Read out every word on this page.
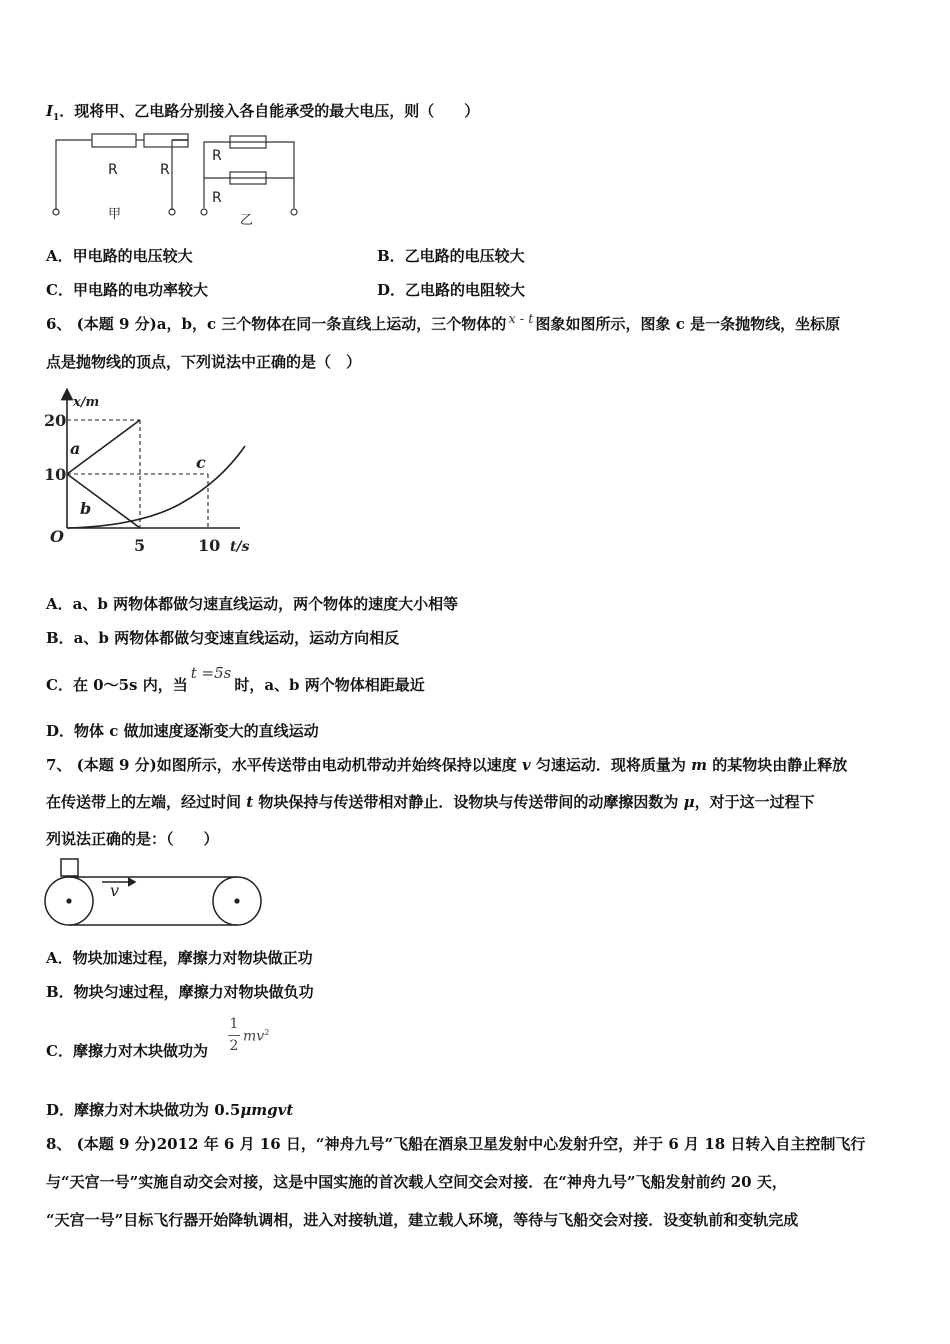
$I_1$．现将甲、乙电路分别接入各自能承受的最大电压，则（　　）
R	R
R
R
甲	乙
A．甲电路的电压较大	B．乙电路的电压较大
C．甲电路的电功率较大	D．乙电路的电阻较大
6、 (本题 9 分)a，b，c 三个物体在同一条直线上运动，三个物体的 x - t 图象如图所示，图象 c 是一条抛物线，坐标原
点是抛物线的顶点，下列说法中正确的是（　）
x/m
20
10
O	5	10 t/s
a
b
c
A．a、b 两物体都做匀速直线运动，两个物体的速度大小相等
B．a、b 两物体都做匀变速直线运动，运动方向相反
C．在 0～5s 内，当t =5s时，a、b 两个物体相距最近
D．物体 c 做加速度逐渐变大的直线运动
7、 (本题 9 分)如图所示，水平传送带由电动机带动并始终保持以速度 v 匀速运动．现将质量为 m 的某物块由静止释放
在传送带上的左端，经过时间 t 物块保持与传送带相对静止．设物块与传送带间的动摩擦因数为 μ，对于这一过程下
列说法正确的是：（　　）
v
A．物块加速过程，摩擦力对物块做正功
B．物块匀速过程，摩擦力对物块做负功
C．摩擦力对木块做功为
1
2
$mv^2$
D．摩擦力对木块做功为 0.5μmgvt
8、 (本题 9 分)2012 年 6 月 16 日，“神舟九号”飞船在酒泉卫星发射中心发射升空，并于 6 月 18 日转入自主控制飞行
与“天宫一号”实施自动交会对接，这是中国实施的首次载人空间交会对接．在“神舟九号”飞船发射前约 20 天，
“天宫一号”目标飞行器开始降轨调相，进入对接轨道，建立载人环境，等待与飞船交会对接．设变轨前和变轨完成
